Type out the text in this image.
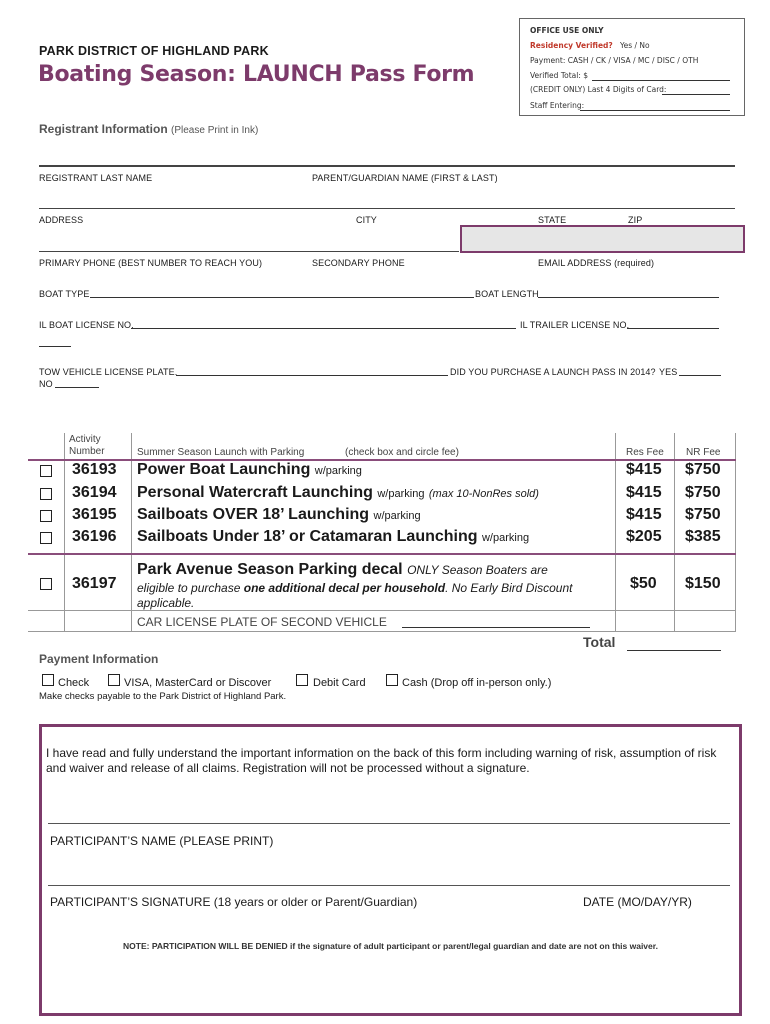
OFFICE USE ONLY
Residency Verified? Yes / No
Payment: CASH / CK / VISA / MC / DISC / OTH
Verified Total: $
(CREDIT ONLY) Last 4 Digits of Card:
Staff Entering:
PARK DISTRICT OF HIGHLAND PARK
Boating Season: LAUNCH Pass Form
Registrant Information (Please Print in Ink)
REGISTRANT LAST NAME	PARENT/GUARDIAN NAME (FIRST & LAST)
ADDRESS	CITY	STATE	ZIP
PRIMARY PHONE (BEST NUMBER TO REACH YOU)	SECONDARY PHONE	EMAIL ADDRESS (required)
BOAT TYPE	BOAT LENGTH
IL BOAT LICENSE NO.	IL TRAILER LICENSE NO.
TOW VEHICLE LICENSE PLATE.	DID YOU PURCHASE A LAUNCH PASS IN 2014? YES
NO
Activity
Number	Summer Season Launch with Parking	(check box and circle fee)	Res Fee NR Fee
36193 Power Boat Launching w/parking	$415 $750
36194 Personal Watercraft Launching w/parking (max 10-NonRes sold)	$415 $750
36195 Sailboats OVER 18’ Launching w/parking	$415 $750
36196 Sailboats Under 18’ or Catamaran Launching w/parking	$205 $385
36197
Park Avenue Season Parking decal ONLY Season Boaters are
eligible to purchase one additional decal per household. No Early Bird Discount
applicable.
$50 $150
CAR LICENSE PLATE OF SECOND VEHICLE
Total
Payment Information
Check	VISA, MasterCard or Discover	Debit Card	Cash (Drop off in-person only.)
Make checks payable to the Park District of Highland Park.
I have read and fully understand the important information on the back of this form including warning of risk, assumption of risk and waiver and release of all claims. Registration will not be processed without a signature.
PARTICIPANT’S NAME (PLEASE PRINT)
PARTICIPANT’S SIGNATURE (18 years or older or Parent/Guardian)	DATE (MO/DAY/YR)
NOTE: PARTICIPATION WILL BE DENIED if the signature of adult participant or parent/legal guardian and date are not on this waiver.
